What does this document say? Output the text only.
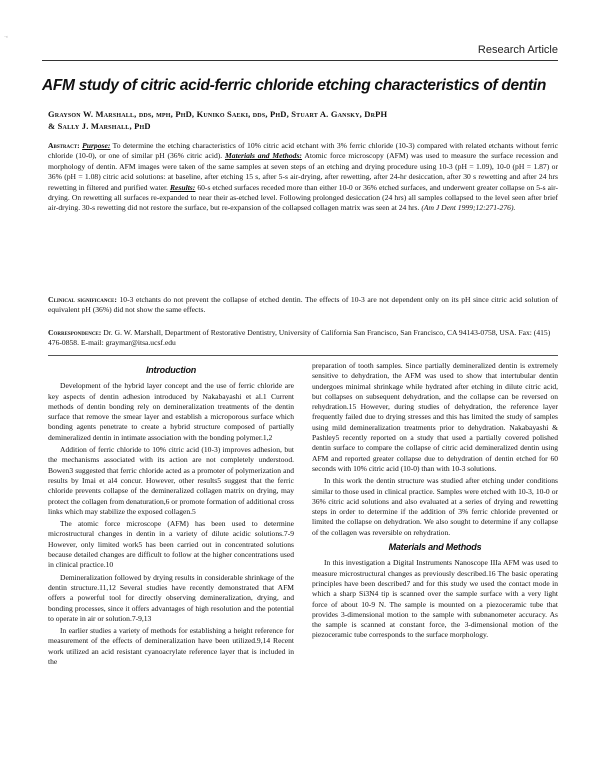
˙‘
Research Article
AFM study of citric acid-ferric chloride etching characteristics of dentin
Grayson W. Marshall, dds, mph, PhD, Kuniko Saeki, dds, PhD, Stuart A. Gansky, DrPH
& Sally J. Marshall, PhD
Abstract: Purpose: To determine the etching characteristics of 10% citric acid etchant with 3% ferric chloride (10-3) compared with related etchants without ferric chloride (10-0), or one of similar pH (36% citric acid). Materials and Methods: Atomic force microscopy (AFM) was used to measure the surface recession and morphology of dentin. AFM images were taken of the same samples at seven steps of an etching and drying procedure using 10-3 (pH = 1.09), 10-0 (pH = 1.87) or 36% (pH = 1.08) citric acid solutions: at baseline, after etching 15 s, after 5-s air-drying, after rewetting, after 24-hr desiccation, after 30 s rewetting and after 24 hrs rewetting in filtered and purified water. Results: 60-s etched surfaces receded more than either 10-0 or 36% etched surfaces, and underwent greater collapse on 5-s air-drying. On rewetting all surfaces re-expanded to near their as-etched level. Following prolonged desiccation (24 hrs) all samples collapsed to the level seen after brief air-drying. 30-s rewetting did not restore the surface, but re-expansion of the collapsed collagen matrix was seen at 24 hrs. (Am J Dent 1999;12:271-276).
Clinical significance: 10-3 etchants do not prevent the collapse of etched dentin. The effects of 10-3 are not dependent only on its pH since citric acid solution of equivalent pH (36%) did not show the same effects.
Correspondence: Dr. G. W. Marshall, Department of Restorative Dentistry, University of California San Francisco, San Francisco, CA 94143-0758, USA. Fax: (415) 476-0858. E-mail: graymar@itsa.ucsf.edu
Introduction

Development of the hybrid layer concept and the use of ferric chloride are key aspects of dentin adhesion introduced by Nakabayashi et al.1 Current methods of dentin bonding rely on demineralization treatments of the dentin surface that remove the smear layer and establish a microporous surface which bonding agents penetrate to create a hybrid structure composed of partially demineralized dentin in intimate association with the bonding polymer.1,2

Addition of ferric chloride to 10% citric acid (10-3) improves adhesion, but the mechanisms associated with its action are not completely understood. Bowen3 suggested that ferric chloride acted as a promoter of polymerization and results by Imai et al4 concur. However, other results5 suggest that the ferric chloride prevents collapse of the demineralized collagen matrix on drying, may protect the collagen from denaturation,6 or promote formation of additional cross links which may stabilize the exposed collagen.5

The atomic force microscope (AFM) has been used to determine microstructural changes in dentin in a variety of dilute acidic solutions.7-9 However, only limited work5 has been carried out in concentrated solutions because detailed changes are difficult to follow at the higher concentrations used in clinical practice.10

Demineralization followed by drying results in considerable shrinkage of the dentin structure.11,12 Several studies have recently demonstrated that AFM offers a powerful tool for directly observing demineralization, drying, and bonding processes, since it offers advantages of high resolution and the potential to operate in air or solution.7-9,13

In earlier studies a variety of methods for establishing a height reference for measurement of the effects of demineralization have been utilized.9,14 Recent work utilized an acid resistant cyanoacrylate reference layer that is included in the

preparation of tooth samples. Since partially demineralized dentin is extremely sensitive to dehydration, the AFM was used to show that intertubular dentin undergoes minimal shrinkage while hydrated after etching in dilute citric acid, but collapses on subsequent dehydration, and the collapse can be reversed on rehydration.15 However, during studies of dehydration, the reference layer frequently failed due to drying stresses and this has limited the study of samples using mild demineralization treatments prior to dehydration. Nakabayashi & Pashley5 recently reported on a study that used a partially covered polished dentin surface to compare the collapse of citric acid demineralized dentin using AFM and reported greater collapse due to dehydration of dentin etched for 60 seconds with 10% citric acid (10-0) than with 10-3 solutions.

In this work the dentin structure was studied after etching under conditions similar to those used in clinical practice. Samples were etched with 10-3, 10-0 or 36% citric acid solutions and also evaluated at a series of drying and rewetting steps in order to determine if the addition of 3% ferric chloride prevented or limited the collapse on dehydration. We also sought to determine if any collapse of the collagen was reversible on rehydration.

Materials and Methods

In this investigation a Digital Instruments Nanoscope IIIa AFM was used to measure microstructural changes as previously described.16 The basic operating principles have been described7 and for this study we used the contact mode in which a sharp Si3N4 tip is scanned over the sample surface with a very light force of about 10-9 N. The sample is mounted on a piezoceramic tube that provides 3-dimensional motion to the sample with subnanometer accuracy. As the sample is scanned at constant force, the 3-dimensional motion of the piezoceramic tube corresponds to the surface morphology.
